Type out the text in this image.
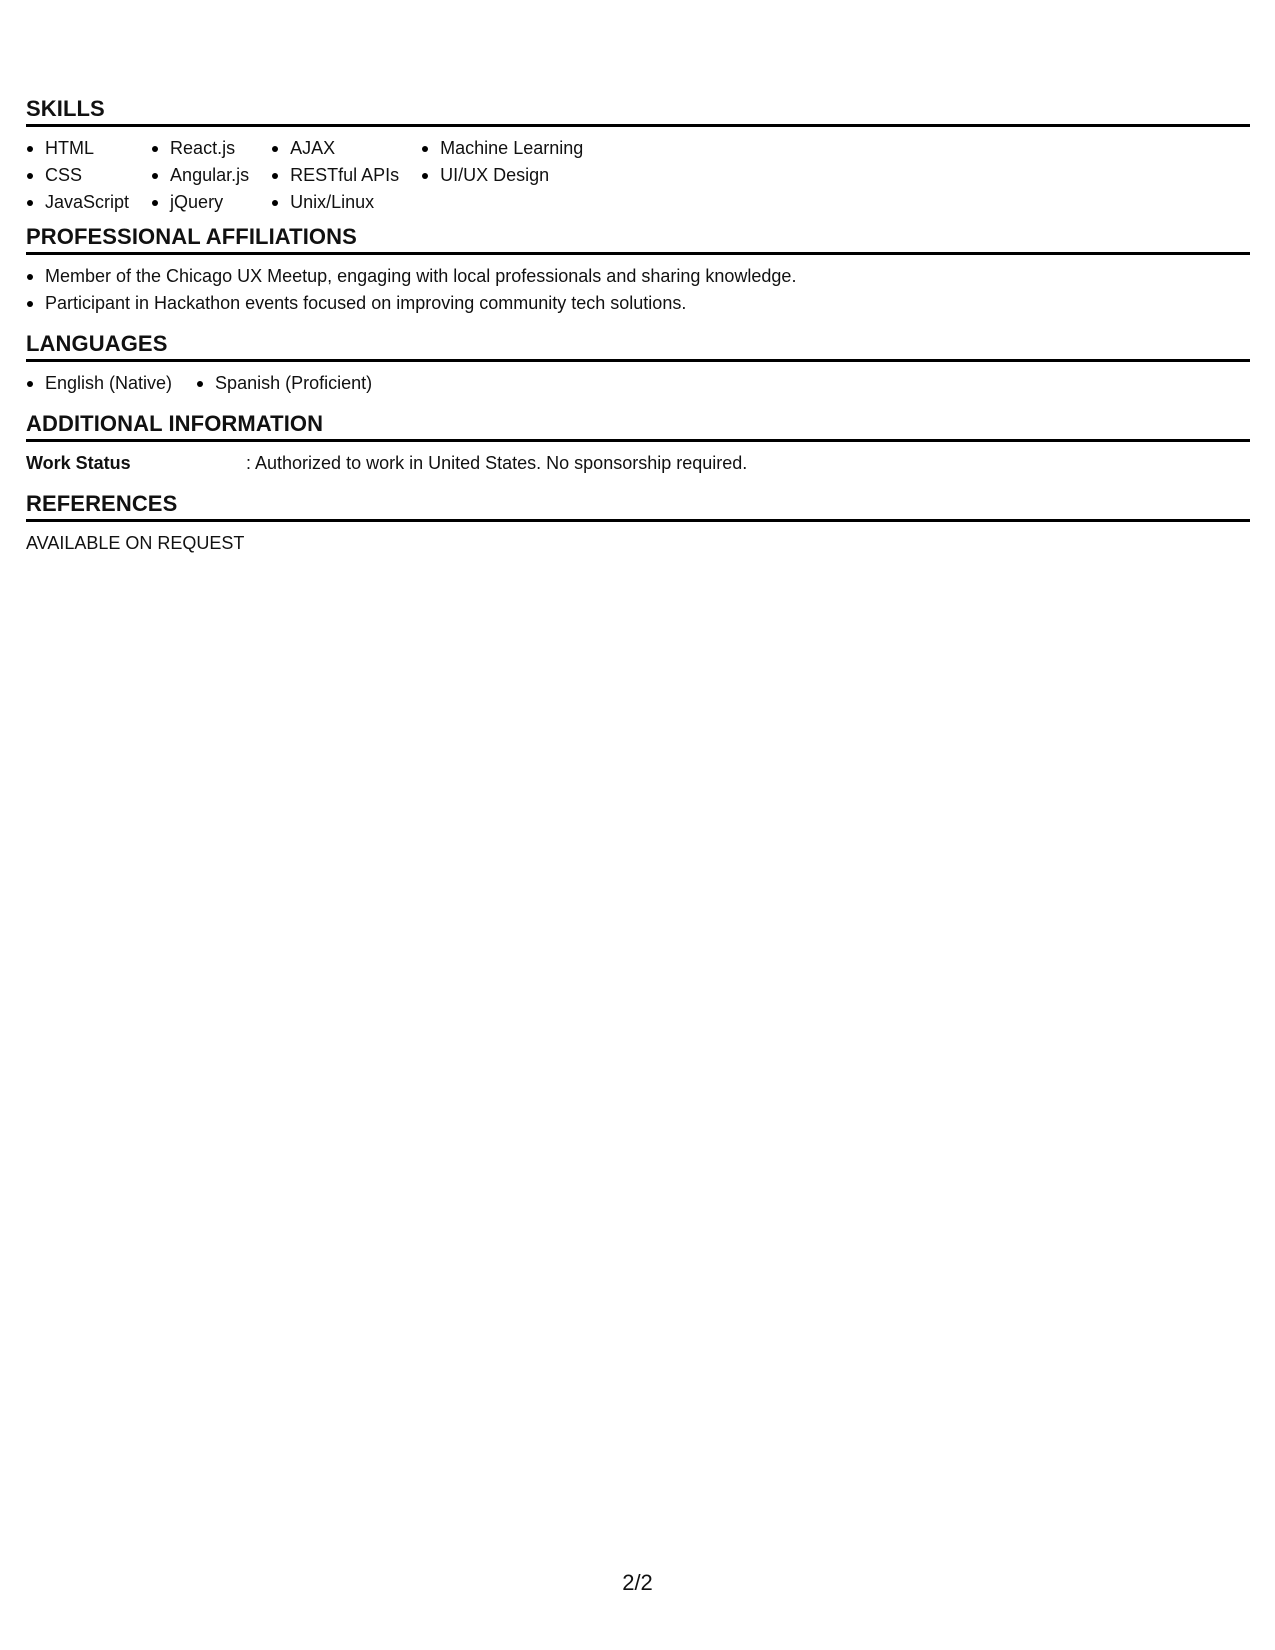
SKILLS
HTML
CSS
JavaScript
React.js
Angular.js
jQuery
AJAX
RESTful APIs
Unix/Linux
Machine Learning
UI/UX Design
PROFESSIONAL AFFILIATIONS
Member of the Chicago UX Meetup, engaging with local professionals and sharing knowledge.
Participant in Hackathon events focused on improving community tech solutions.
LANGUAGES
English (Native)	Spanish (Proficient)
ADDITIONAL INFORMATION
Work Status	: Authorized to work in United States. No sponsorship required.
REFERENCES
AVAILABLE ON REQUEST
2/2
